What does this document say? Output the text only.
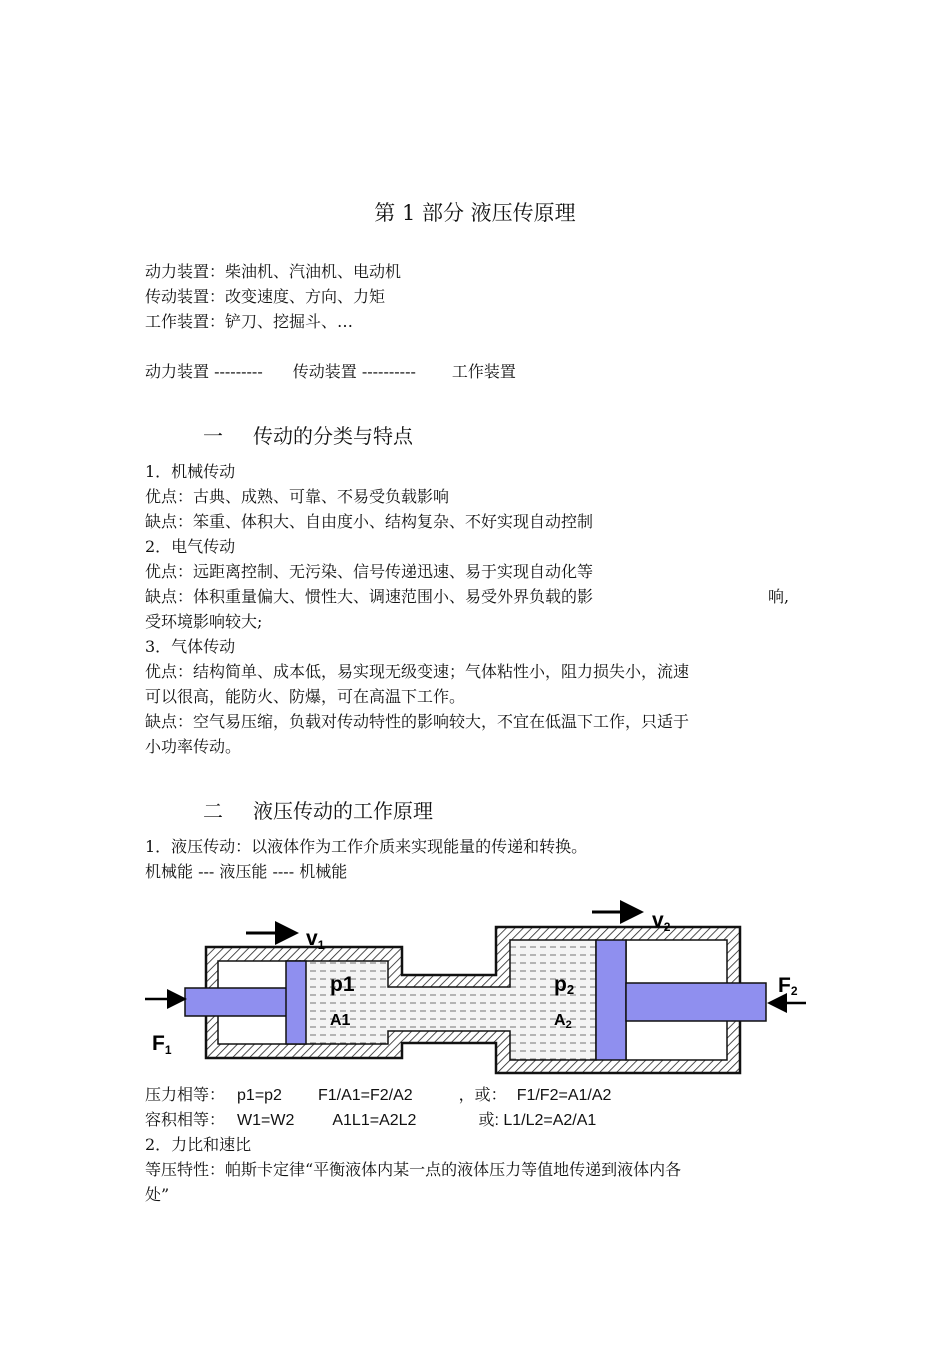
第 1 部分 液压传原理
动力装置：柴油机、汽油机、电动机
传动装置：改变速度、方向、力矩
工作装置：铲刀、挖掘斗、…
动力装置 --------- 传动装置 ---------- 工作装置
一 传动的分类与特点
1．机械传动
优点：古典、成熟、可靠、不易受负载影响
缺点：笨重、体积大、自由度小、结构复杂、不好实现自动控制
2．电气传动
优点：远距离控制、无污染、信号传递迅速、易于实现自动化等
缺点：体积重量偏大、惯性大、调速范围小、易受外界负载的影	响,
受环境影响较大;
3．气体传动
优点：结构简单、成本低，易实现无级变速；气体粘性小，阻力损失小，流速
可以很高，能防火、防爆，可在高温下工作。
缺点：空气易压缩，负载对传动特性的影响较大，不宜在低温下工作，只适于
小功率传动。
二 液压传动的工作原理
1．液压传动：以液体作为工作介质来实现能量的传递和转换。
机械能 --- 液压能 ---- 机械能
v1
v2
p1
A1
p2
A2
F1
F2
压力相等： p1=p2 F1/A1=F2/A2	，或： F1/F2=A1/A2
容积相等： W1=W2 A1L1=A2L2	或: L1/L2=A2/A1
2．力比和速比
等压特性：帕斯卡定律“平衡液体内某一点的液体压力等值地传递到液体内各
处”
